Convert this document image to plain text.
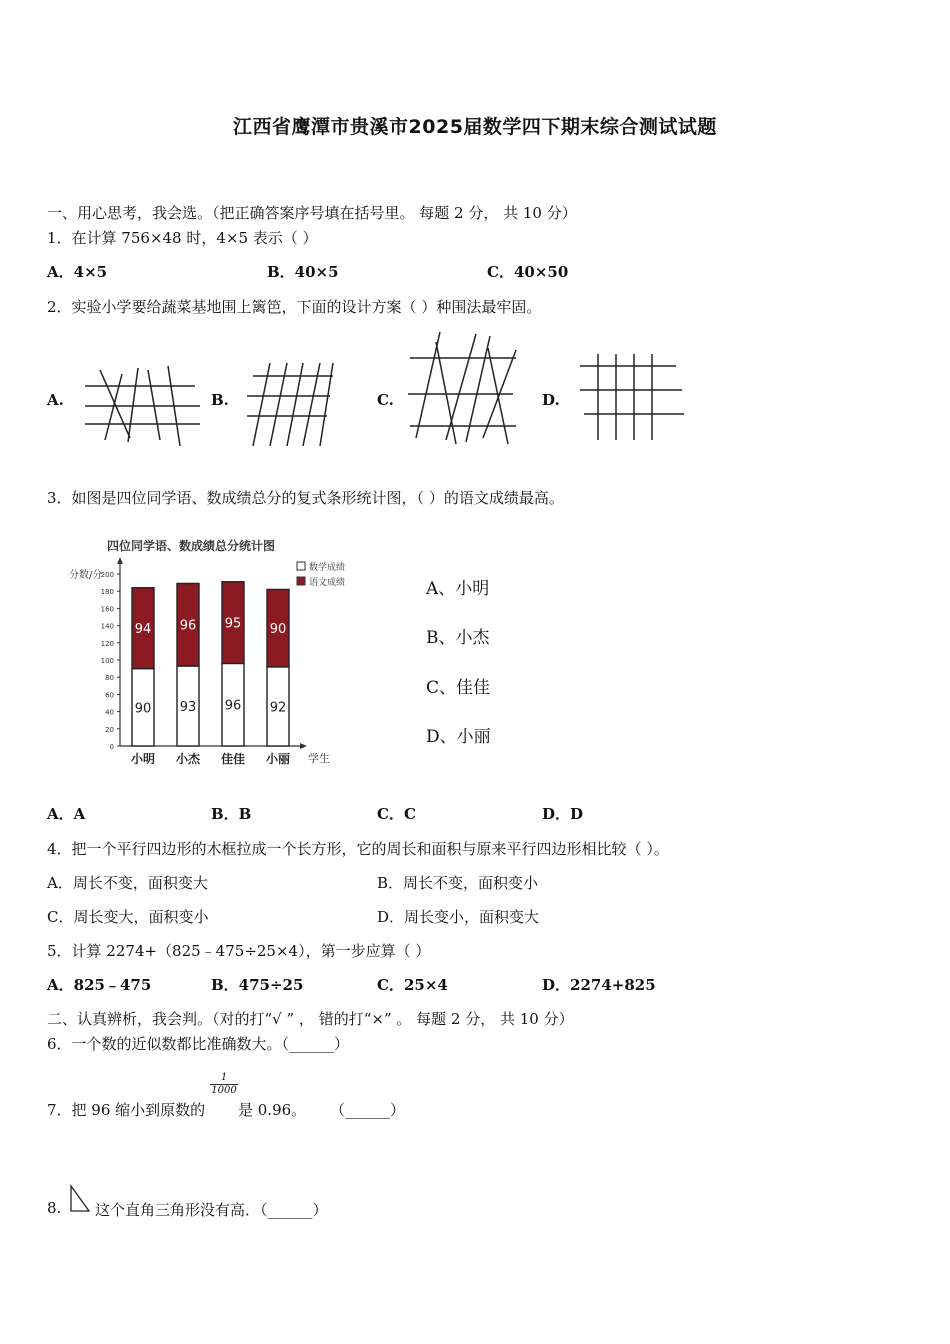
江西省鹰潭市贵溪市2025届数学四下期末综合测试试题
一、用心思考，我会选。（把正确答案序号填在括号里。 每题 2 分， 共 10 分）
1．在计算 756×48 时，4×5 表示（ ）
A．4×5	B．40×5	C．40×50
2．实验小学要给蔬菜基地围上篱笆，下面的设计方案（ ）种围法最牢固。
A.	B.	C.	D.
3．如图是四位同学语、数成绩总分的复式条形统计图，（ ）的语文成绩最高。
四位同学语、数成绩总分统计图
分数/分
学生
数学成绩
语文成绩
0
20
40
60
80
100
120
140
160
180
200
90
94
小明
93
96
小杰
96
95
佳佳
92
90
小丽
A、小明
B、小杰
C、佳佳
D、小丽
A．A	B．B	C．C	D．D
4．把一个平行四边形的木框拉成一个长方形，它的周长和面积与原来平行四边形相比较（ ）。
A．周长不变，面积变大	B．周长不变，面积变小
C．周长变大，面积变小	D．周长变小，面积变大
5．计算 2274+（825﹣475÷25×4），第一步应算（ ）
A．825﹣475	B．475÷25	C．25×4	D．2274+825
二、认真辨析，我会判。（对的打“√ ” ， 错的打“×” 。 每题 2 分， 共 10 分）
6．一个数的近似数都比准确数大。（______）
7．把 96 缩小到原数的
$\frac{1}{1000}$
是 0.96。 （______）
8. 这个直角三角形没有高．（______）
